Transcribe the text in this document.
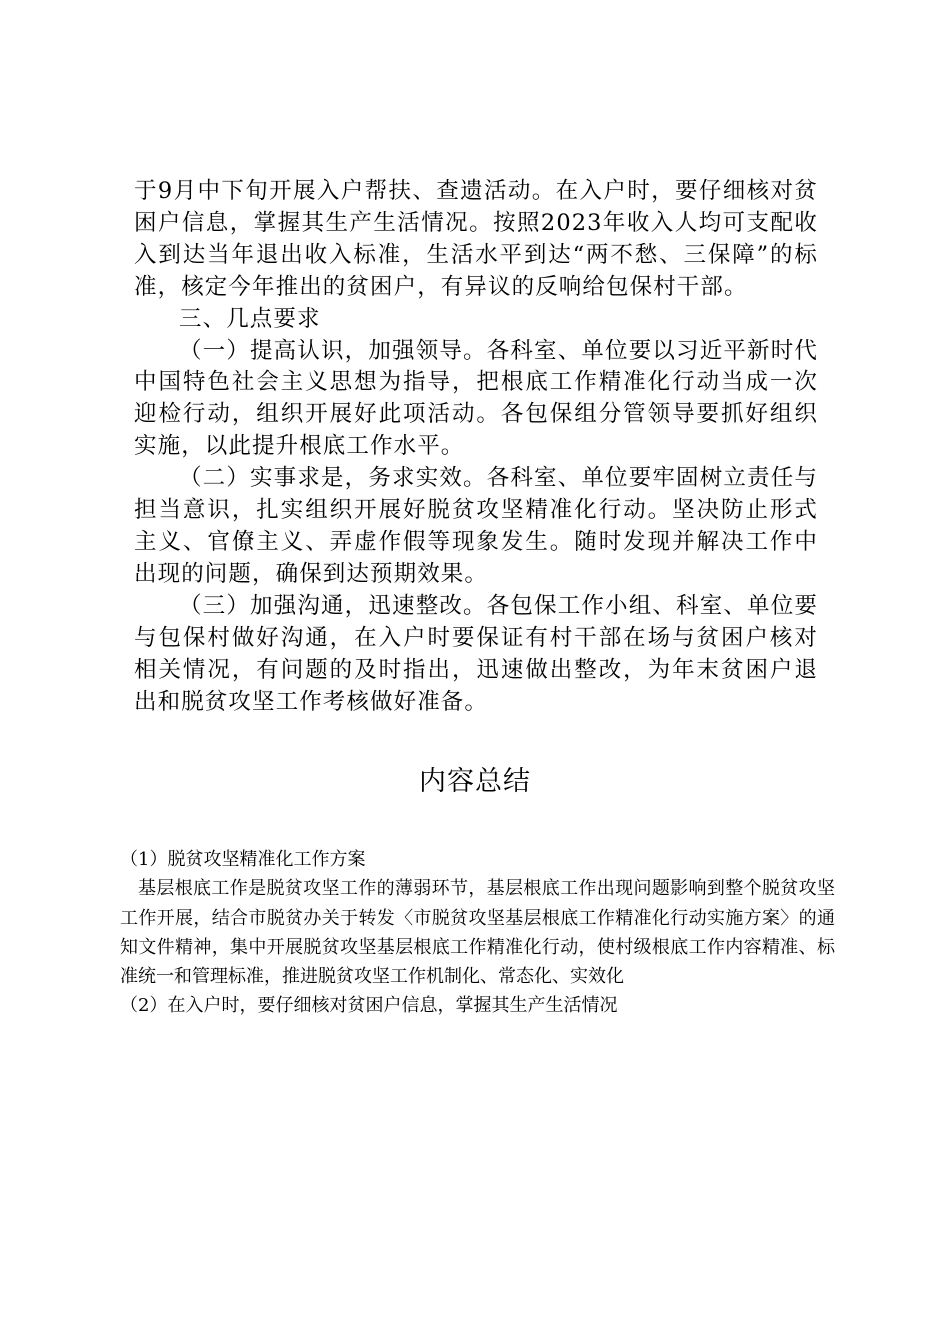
于9月中下旬开展入户帮扶、查遗活动。在入户时，要仔细核对贫困户信息，掌握其生产生活情况。按照2023年收入人均可支配收入到达当年退出收入标准，生活水平到达“两不愁、三保障”的标准，核定今年推出的贫困户，有异议的反响给包保村干部。

三、几点要求

（一）提高认识，加强领导。各科室、单位要以习近平新时代中国特色社会主义思想为指导，把根底工作精准化行动当成一次迎检行动，组织开展好此项活动。各包保组分管领导要抓好组织实施，以此提升根底工作水平。

（二）实事求是，务求实效。各科室、单位要牢固树立责任与担当意识，扎实组织开展好脱贫攻坚精准化行动。坚决防止形式主义、官僚主义、弄虚作假等现象发生。随时发现并解决工作中出现的问题，确保到达预期效果。

（三）加强沟通，迅速整改。各包保工作小组、科室、单位要与包保村做好沟通，在入户时要保证有村干部在场与贫困户核对相关情况，有问题的及时指出，迅速做出整改，为年末贫困户退出和脱贫攻坚工作考核做好准备。

内容总结

（1）脱贫攻坚精准化工作方案

基层根底工作是脱贫攻坚工作的薄弱环节，基层根底工作出现问题影响到整个脱贫攻坚工作开展，结合市脱贫办关于转发〈市脱贫攻坚基层根底工作精准化行动实施方案〉的通知文件精神，集中开展脱贫攻坚基层根底工作精准化行动，使村级根底工作内容精准、标准统一和管理标准，推进脱贫攻坚工作机制化、常态化、实效化

（2）在入户时，要仔细核对贫困户信息，掌握其生产生活情况
